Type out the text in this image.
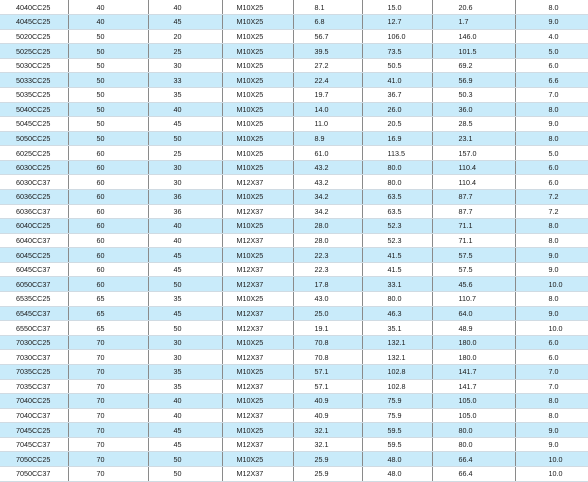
4040CC25	40	40	M10X25	8.1	15.0	20.6	8.0
4045CC25	40	45	M10X25	6.8	12.7	1.7	9.0
5020CC25	50	20	M10X25	56.7	106.0	146.0	4.0
5025CC25	50	25	M10X25	39.5	73.5	101.5	5.0
5030CC25	50	30	M10X25	27.2	50.5	69.2	6.0
5033CC25	50	33	M10X25	22.4	41.0	56.9	6.6
5035CC25	50	35	M10X25	19.7	36.7	50.3	7.0
5040CC25	50	40	M10X25	14.0	26.0	36.0	8.0
5045CC25	50	45	M10X25	11.0	20.5	28.5	9.0
5050CC25	50	50	M10X25	8.9	16.9	23.1	8.0
6025CC25	60	25	M10X25	61.0	113.5	157.0	5.0
6030CC25	60	30	M10X25	43.2	80.0	110.4	6.0
6030CC37	60	30	M12X37	43.2	80.0	110.4	6.0
6036CC25	60	36	M10X25	34.2	63.5	87.7	7.2
6036CC37	60	36	M12X37	34.2	63.5	87.7	7.2
6040CC25	60	40	M10X25	28.0	52.3	71.1	8.0
6040CC37	60	40	M12X37	28.0	52.3	71.1	8.0
6045CC25	60	45	M10X25	22.3	41.5	57.5	9.0
6045CC37	60	45	M12X37	22.3	41.5	57.5	9.0
6050CC37	60	50	M12X37	17.8	33.1	45.6	10.0
6535CC25	65	35	M10X25	43.0	80.0	110.7	8.0
6545CC37	65	45	M12X37	25.0	46.3	64.0	9.0
6550CC37	65	50	M12X37	19.1	35.1	48.9	10.0
7030CC25	70	30	M10X25	70.8	132.1	180.0	6.0
7030CC37	70	30	M12X37	70.8	132.1	180.0	6.0
7035CC25	70	35	M10X25	57.1	102.8	141.7	7.0
7035CC37	70	35	M12X37	57.1	102.8	141.7	7.0
7040CC25	70	40	M10X25	40.9	75.9	105.0	8.0
7040CC37	70	40	M12X37	40.9	75.9	105.0	8.0
7045CC25	70	45	M10X25	32.1	59.5	80.0	9.0
7045CC37	70	45	M12X37	32.1	59.5	80.0	9.0
7050CC25	70	50	M10X25	25.9	48.0	66.4	10.0
7050CC37	70	50	M12X37	25.9	48.0	66.4	10.0
